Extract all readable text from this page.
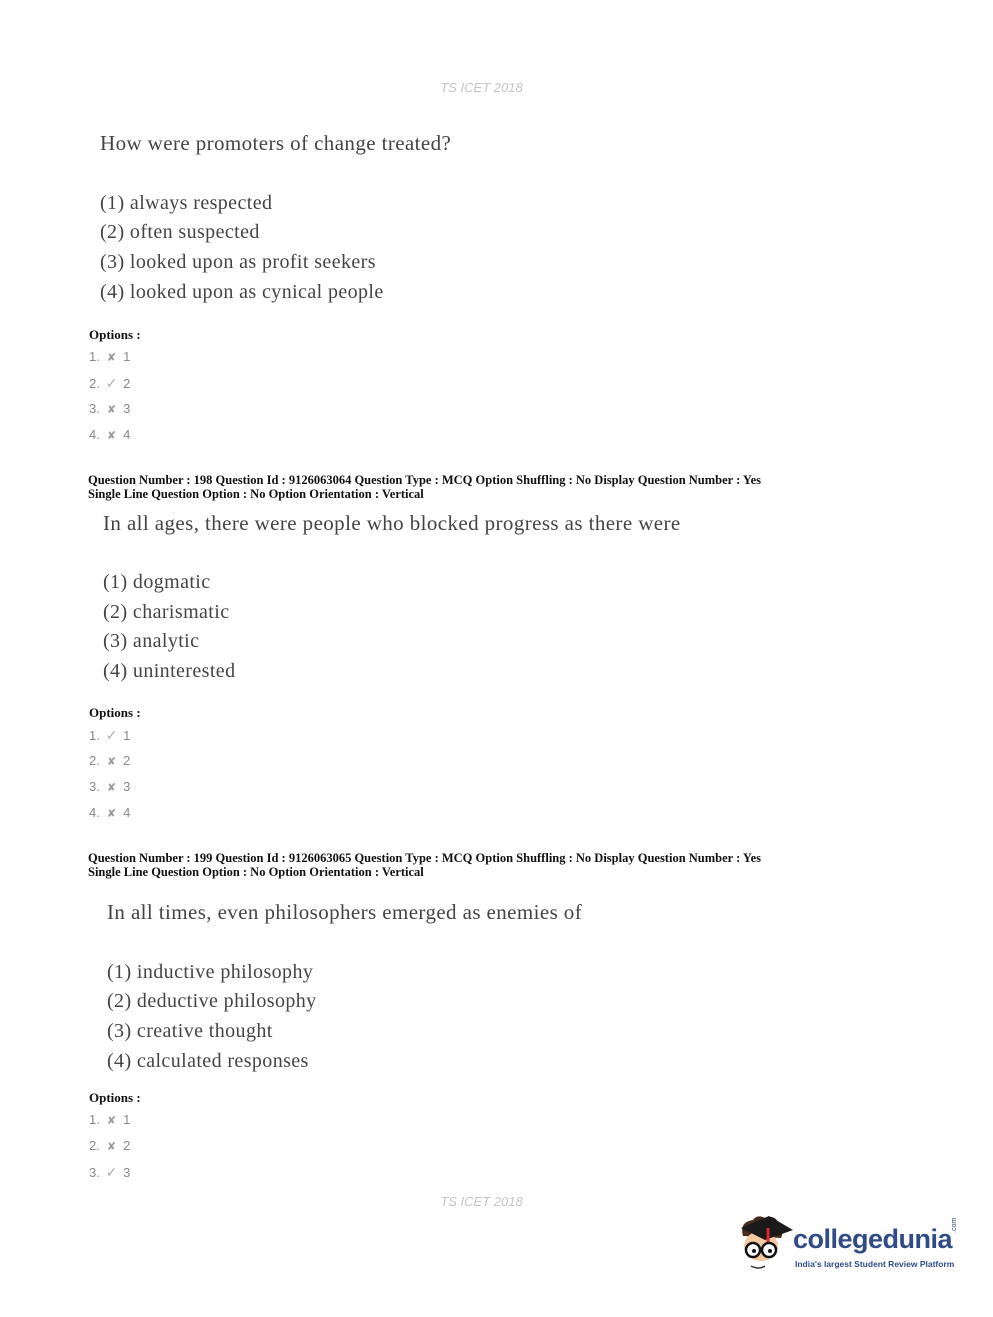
TS ICET 2018
How were promoters of change treated?
(1) always respected
(2) often suspected
(3) looked upon as profit seekers
(4) looked upon as cynical people
Options :
1. ✘ 1
2. ✓ 2
3. ✘ 3
4. ✘ 4
Question Number : 198 Question Id : 9126063064 Question Type : MCQ Option Shuffling : No Display Question Number : Yes
Single Line Question Option : No Option Orientation : Vertical
In all ages, there were people who blocked progress as there were
(1) dogmatic
(2) charismatic
(3) analytic
(4) uninterested
Options :
1. ✓ 1
2. ✘ 2
3. ✘ 3
4. ✘ 4
Question Number : 199 Question Id : 9126063065 Question Type : MCQ Option Shuffling : No Display Question Number : Yes
Single Line Question Option : No Option Orientation : Vertical
In all times, even philosophers emerged as enemies of
(1) inductive philosophy
(2) deductive philosophy
(3) creative thought
(4) calculated responses
Options :
1. ✘ 1
2. ✘ 2
3. ✓ 3
TS ICET 2018
collegedunia
.com
India's largest Student Review Platform
